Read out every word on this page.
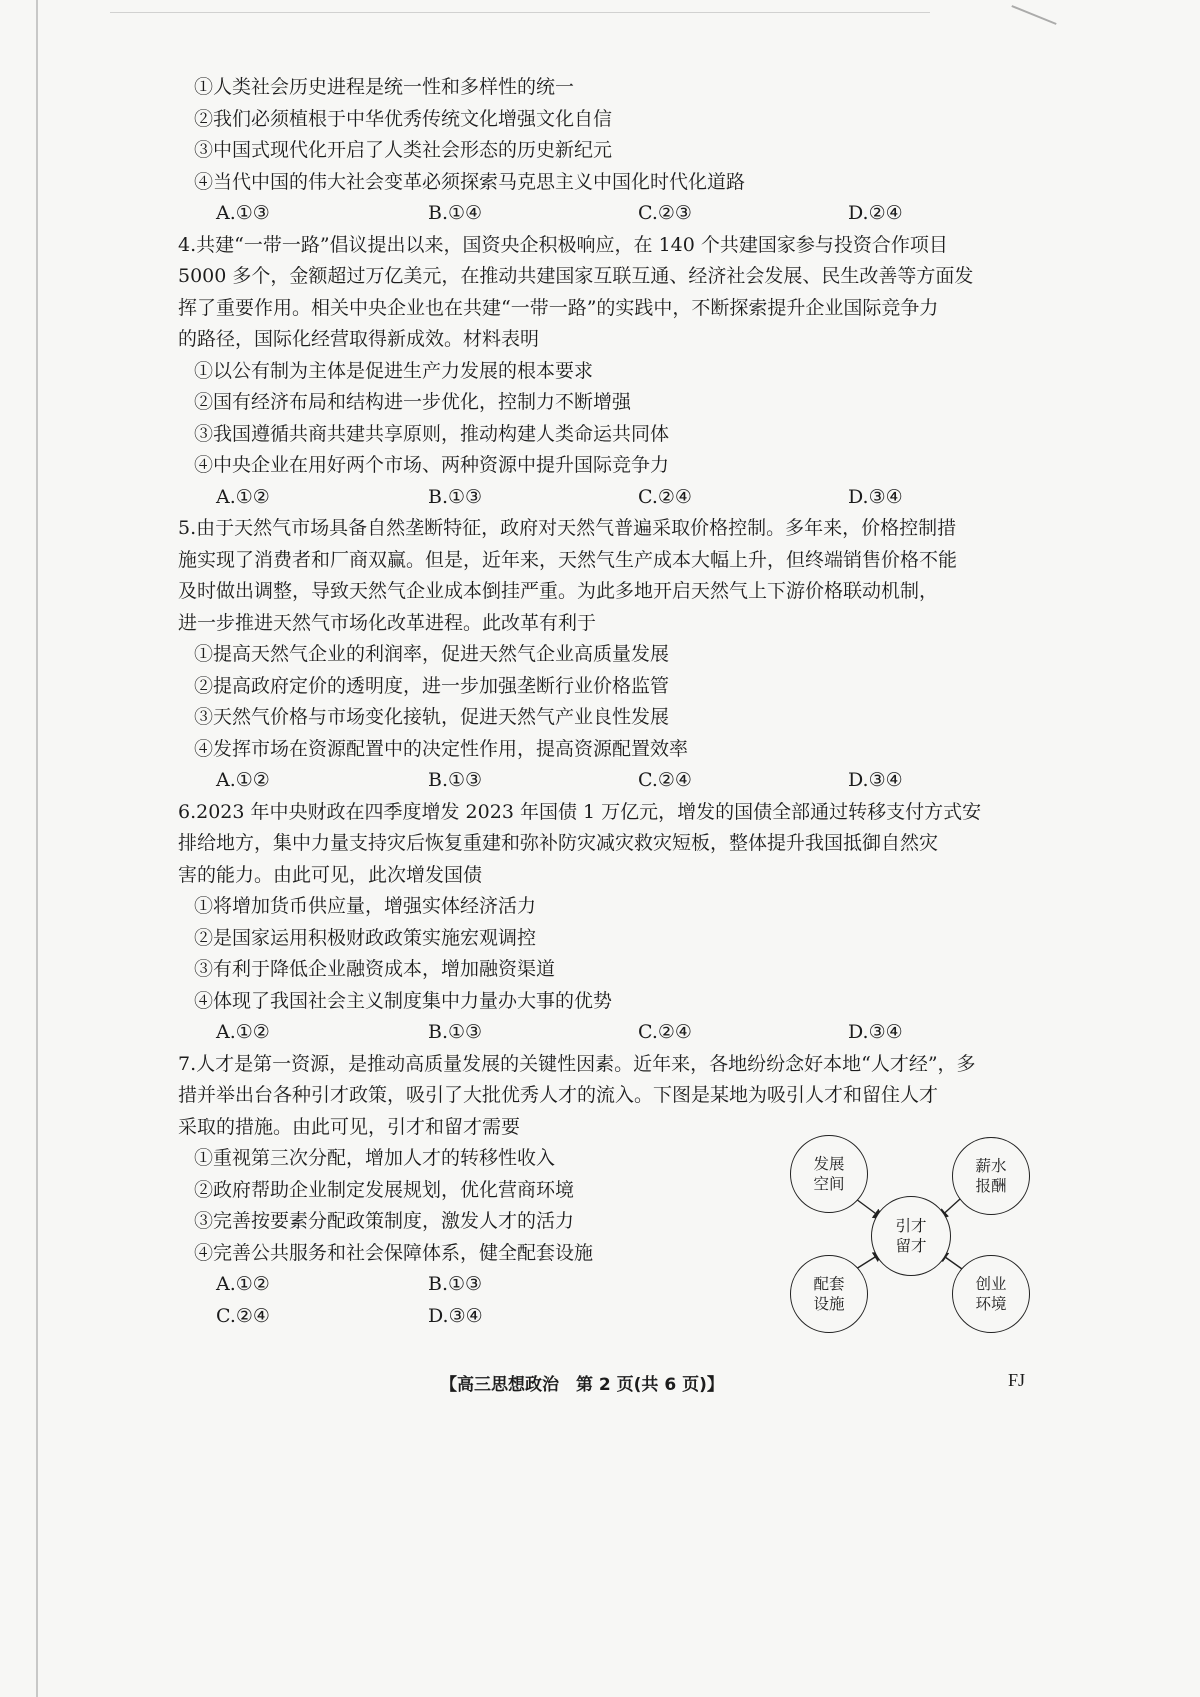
①人类社会历史进程是统一性和多样性的统一
②我们必须植根于中华优秀传统文化增强文化自信
③中国式现代化开启了人类社会形态的历史新纪元
④当代中国的伟大社会变革必须探索马克思主义中国化时代化道路
A.①③	B.①④	C.②③	D.②④
4.共建“一带一路”倡议提出以来，国资央企积极响应，在 140 个共建国家参与投资合作项目
5000 多个，金额超过万亿美元，在推动共建国家互联互通、经济社会发展、民生改善等方面发
挥了重要作用。相关中央企业也在共建“一带一路”的实践中，不断探索提升企业国际竞争力
的路径，国际化经营取得新成效。材料表明
①以公有制为主体是促进生产力发展的根本要求
②国有经济布局和结构进一步优化，控制力不断增强
③我国遵循共商共建共享原则，推动构建人类命运共同体
④中央企业在用好两个市场、两种资源中提升国际竞争力
A.①②	B.①③	C.②④	D.③④
5.由于天然气市场具备自然垄断特征，政府对天然气普遍采取价格控制。多年来，价格控制措
施实现了消费者和厂商双赢。但是，近年来，天然气生产成本大幅上升，但终端销售价格不能
及时做出调整，导致天然气企业成本倒挂严重。为此多地开启天然气上下游价格联动机制，
进一步推进天然气市场化改革进程。此改革有利于
①提高天然气企业的利润率，促进天然气企业高质量发展
②提高政府定价的透明度，进一步加强垄断行业价格监管
③天然气价格与市场变化接轨，促进天然气产业良性发展
④发挥市场在资源配置中的决定性作用，提高资源配置效率
A.①②	B.①③	C.②④	D.③④
6.2023 年中央财政在四季度增发 2023 年国债 1 万亿元，增发的国债全部通过转移支付方式安
排给地方，集中力量支持灾后恢复重建和弥补防灾减灾救灾短板，整体提升我国抵御自然灾
害的能力。由此可见，此次增发国债
①将增加货币供应量，增强实体经济活力
②是国家运用积极财政政策实施宏观调控
③有利于降低企业融资成本，增加融资渠道
④体现了我国社会主义制度集中力量办大事的优势
A.①②	B.①③	C.②④	D.③④
7.人才是第一资源，是推动高质量发展的关键性因素。近年来，各地纷纷念好本地“人才经”，多
措并举出台各种引才政策，吸引了大批优秀人才的流入。下图是某地为吸引人才和留住人才
采取的措施。由此可见，引才和留才需要
①重视第三次分配，增加人才的转移性收入
②政府帮助企业制定发展规划，优化营商环境
③完善按要素分配政策制度，激发人才的活力
④完善公共服务和社会保障体系，健全配套设施
A.①②	B.①③
C.②④	D.③④
发展
空间
薪水
报酬
引才
留才
配套
设施
创业
环境
【高三思想政治　第 2 页(共 6 页)】	FJ
